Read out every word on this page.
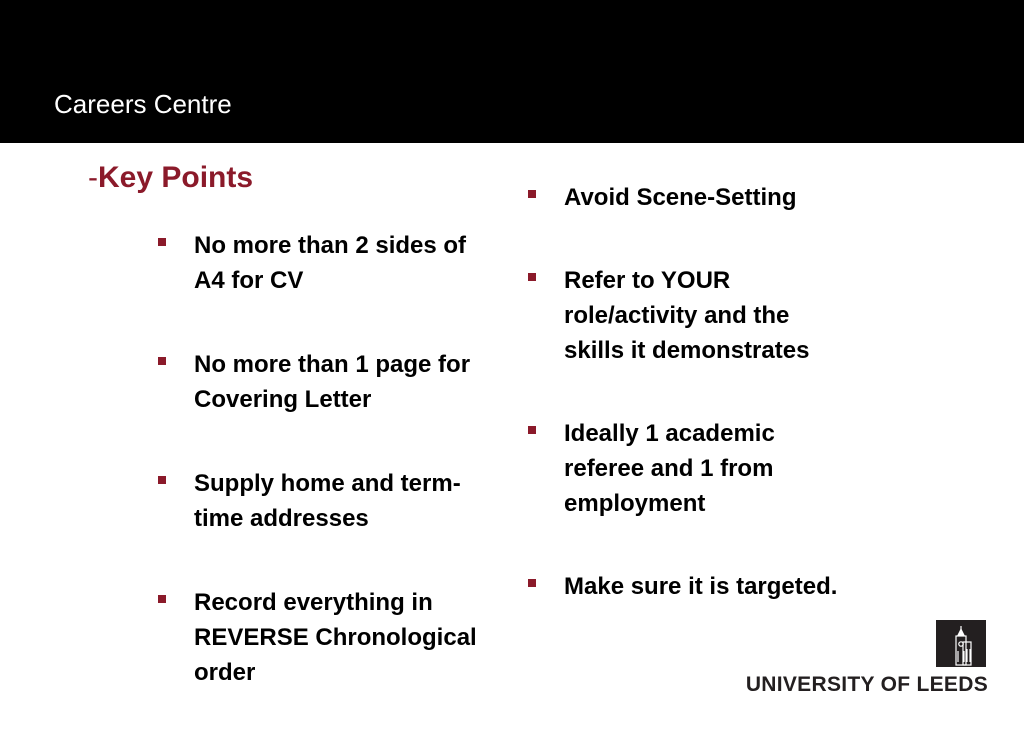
Careers Centre
-Key Points
No more than 2 sides of A4 for CV
No more than 1 page for Covering Letter
Supply home and term-time addresses
Record everything in REVERSE Chronological order
Avoid Scene-Setting
Refer to YOUR role/activity and the skills it demonstrates
Ideally 1 academic referee and 1 from employment
Make sure it is targeted.
UNIVERSITY OF LEEDS
